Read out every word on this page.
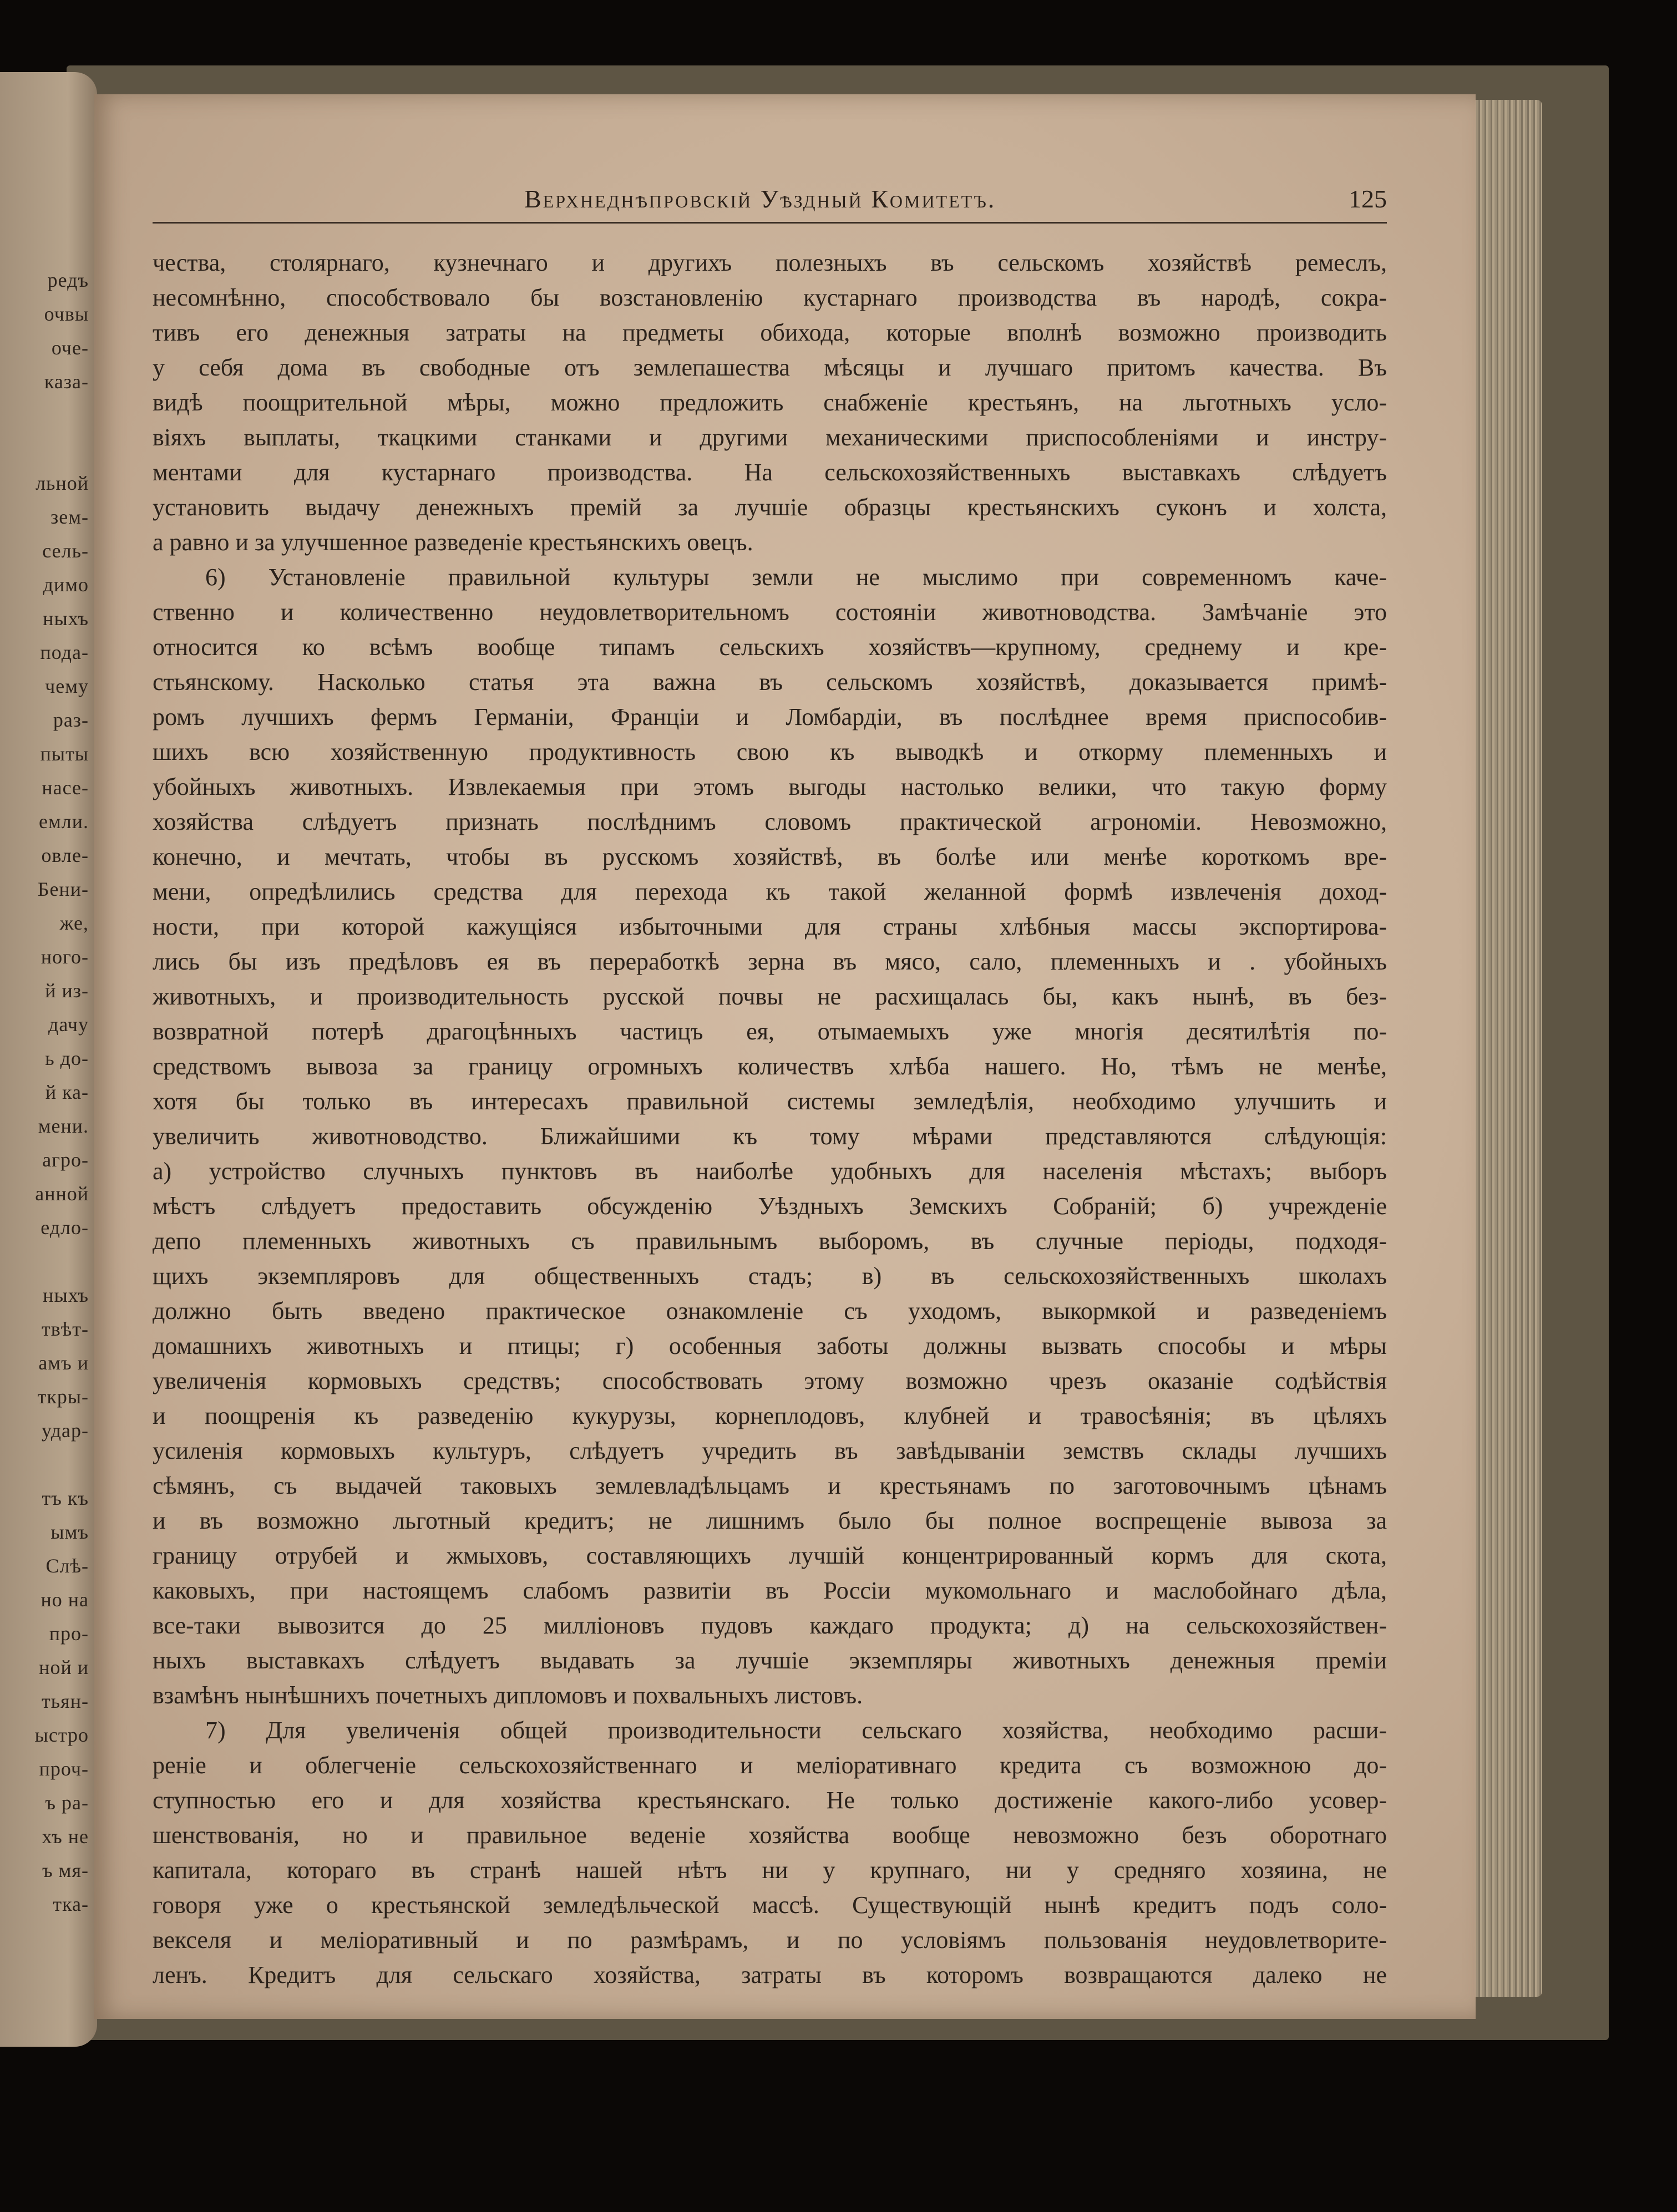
редъ
очвы
оче-
каза-
льной
зем-
сель-
димо
ныхъ
пода-
чему
раз-
пыты
насе-
емли.
овле-
Бени-
же,
ного-
й из-
дачу
ь до-
й ка-
мени.
агро-
анной
едло-
ныхъ
твѣт-
амъ и
ткры-
удар-
тъ къ
ымъ
Слѣ-
но на
про-
ной и
тьян-
ыстро
проч-
ъ ра-
хъ не
ъ мя-
тка-
Верхнеднѣпровскій Уѣздный Комитетъ.	125
чества, столярнаго, кузнечнаго и другихъ полезныхъ въ сельскомъ хозяйствѣ ремеслъ,
несомнѣнно, способствовало бы возстановленію кустарнаго производства въ народѣ, сокра-
тивъ его денежныя затраты на предметы обихода, которые вполнѣ возможно производить
у себя дома въ свободные отъ землепашества мѣсяцы и лучшаго притомъ качества. Въ
видѣ поощрительной мѣры, можно предложить снабженіе крестьянъ, на льготныхъ усло-
віяхъ выплаты, ткацкими станками и другими механическими приспособленіями и инстру-
ментами для кустарнаго производства. На сельскохозяйственныхъ выставкахъ слѣдуетъ
установить выдачу денежныхъ премій за лучшіе образцы крестьянскихъ суконъ и холста,
а равно и за улучшенное разведеніе крестьянскихъ овецъ.
6) Установленіе правильной культуры земли не мыслимо при современномъ каче-
ственно и количественно неудовлетворительномъ состояніи животноводства. Замѣчаніе это
относится ко всѣмъ вообще типамъ сельскихъ хозяйствъ—крупному, среднему и кре-
стьянскому. Насколько статья эта важна въ сельскомъ хозяйствѣ, доказывается примѣ-
ромъ лучшихъ фермъ Германіи, Франціи и Ломбардіи, въ послѣднее время приспособив-
шихъ всю хозяйственную продуктивность свою къ выводкѣ и откорму племенныхъ и
убойныхъ животныхъ. Извлекаемыя при этомъ выгоды настолько велики, что такую форму
хозяйства слѣдуетъ признать послѣднимъ словомъ практической агрономіи. Невозможно,
конечно, и мечтать, чтобы въ русскомъ хозяйствѣ, въ болѣе или менѣе короткомъ вре-
мени, опредѣлились средства для перехода къ такой желанной формѣ извлеченія доход-
ности, при которой кажущіяся избыточными для страны хлѣбныя массы экспортирова-
лись бы изъ предѣловъ ея въ переработкѣ зерна въ мясо, сало, племенныхъ и . убойныхъ
животныхъ, и производительность русской почвы не расхищалась бы, какъ нынѣ, въ без-
возвратной потерѣ драгоцѣнныхъ частицъ ея, отымаемыхъ уже многія десятилѣтія по-
средствомъ вывоза за границу огромныхъ количествъ хлѣба нашего. Но, тѣмъ не менѣе,
хотя бы только въ интересахъ правильной системы земледѣлія, необходимо улучшить и
увеличить животноводство. Ближайшими къ тому мѣрами представляются слѣдующія:
а) устройство случныхъ пунктовъ въ наиболѣе удобныхъ для населенія мѣстахъ; выборъ
мѣстъ слѣдуетъ предоставить обсужденію Уѣздныхъ Земскихъ Собраній; б) учрежденіе
депо племенныхъ животныхъ съ правильнымъ выборомъ, въ случные періоды, подходя-
щихъ экземпляровъ для общественныхъ стадъ; в) въ сельскохозяйственныхъ школахъ
должно быть введено практическое ознакомленіе съ уходомъ, выкормкой и разведеніемъ
домашнихъ животныхъ и птицы; г) особенныя заботы должны вызвать способы и мѣры
увеличенія кормовыхъ средствъ; способствовать этому возможно чрезъ оказаніе содѣйствія
и поощренія къ разведенію кукурузы, корнеплодовъ, клубней и травосѣянія; въ цѣляхъ
усиленія кормовыхъ культуръ, слѣдуетъ учредить въ завѣдываніи земствъ склады лучшихъ
сѣмянъ, съ выдачей таковыхъ землевладѣльцамъ и крестьянамъ по заготовочнымъ цѣнамъ
и въ возможно льготный кредитъ; не лишнимъ было бы полное воспрещеніе вывоза за
границу отрубей и жмыховъ, составляющихъ лучшій концентрированный кормъ для скота,
каковыхъ, при настоящемъ слабомъ развитіи въ Россіи мукомольнаго и маслобойнаго дѣла,
все-таки вывозится до 25 милліоновъ пудовъ каждаго продукта; д) на сельскохозяйствен-
ныхъ выставкахъ слѣдуетъ выдавать за лучшіе экземпляры животныхъ денежныя преміи
взамѣнъ нынѣшнихъ почетныхъ дипломовъ и похвальныхъ листовъ.
7) Для увеличенія общей производительности сельскаго хозяйства, необходимо расши-
реніе и облегченіе сельскохозяйственнаго и меліоративнаго кредита съ возможною до-
ступностью его и для хозяйства крестьянскаго. Не только достиженіе какого-либо усовер-
шенствованія, но и правильное веденіе хозяйства вообще невозможно безъ оборотнаго
капитала, котораго въ странѣ нашей нѣтъ ни у крупнаго, ни у средняго хозяина, не
говоря уже о крестьянской земледѣльческой массѣ. Существующій нынѣ кредитъ подъ соло-
векселя и меліоративный и по размѣрамъ, и по условіямъ пользованія неудовлетворите-
ленъ. Кредитъ для сельскаго хозяйства, затраты въ которомъ возвращаются далеко не
